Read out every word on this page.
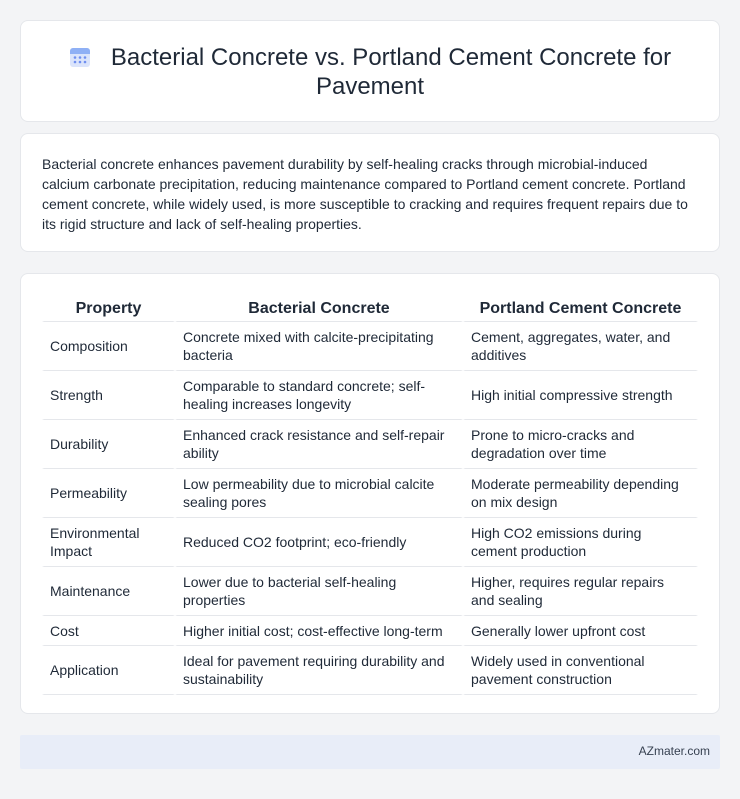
Bacterial Concrete vs. Portland Cement Concrete for Pavement

Bacterial concrete enhances pavement durability by self-healing cracks through microbial-induced calcium carbonate precipitation, reducing maintenance compared to Portland cement concrete. Portland cement concrete, while widely used, is more susceptible to cracking and requires frequent repairs due to its rigid structure and lack of self-healing properties.

Property	Bacterial Concrete	Portland Cement Concrete
Composition	Concrete mixed with calcite-precipitating bacteria	Cement, aggregates, water, and additives
Strength	Comparable to standard concrete; self-healing increases longevity	High initial compressive strength
Durability	Enhanced crack resistance and self-repair ability	Prone to micro-cracks and degradation over time
Permeability	Low permeability due to microbial calcite sealing pores	Moderate permeability depending on mix design
Environmental Impact	Reduced CO2 footprint; eco-friendly	High CO2 emissions during cement production
Maintenance	Lower due to bacterial self-healing properties	Higher, requires regular repairs and sealing
Cost	Higher initial cost; cost-effective long-term	Generally lower upfront cost
Application	Ideal for pavement requiring durability and sustainability	Widely used in conventional pavement construction
AZmater.com
